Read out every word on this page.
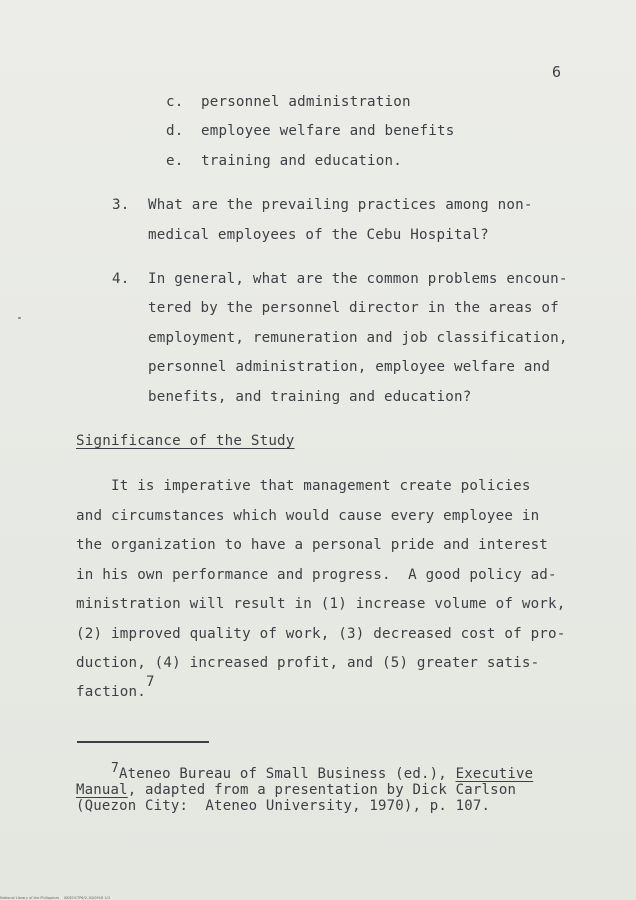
6
c. personnel administration
d. employee welfare and benefits
e. training and education.
3. What are the prevailing practices among non-
medical employees of the Cebu Hospital?
4. In general, what are the common problems encoun-
tered by the personnel director in the areas of
employment, remuneration and job classification,
personnel administration, employee welfare and
benefits, and training and education?
Significance of the Study
It is imperative that management create policies
and circumstances which would cause every employee in
the organization to have a personal pride and interest
in his own performance and progress.  A good policy ad-
ministration will result in (1) increase volume of work,
(2) improved quality of work, (3) decreased cost of pro-
duction, (4) increased profit, and (5) greater satis-
faction.7
7Ateneo Bureau of Small Business (ed.), Executive
Manual, adapted from a presentation by Dick Carlson
(Quezon City:  Ateneo University, 1970), p. 107.
National Library of the Philippines    ISDEOCTP6/2-1D/0918 1/3
